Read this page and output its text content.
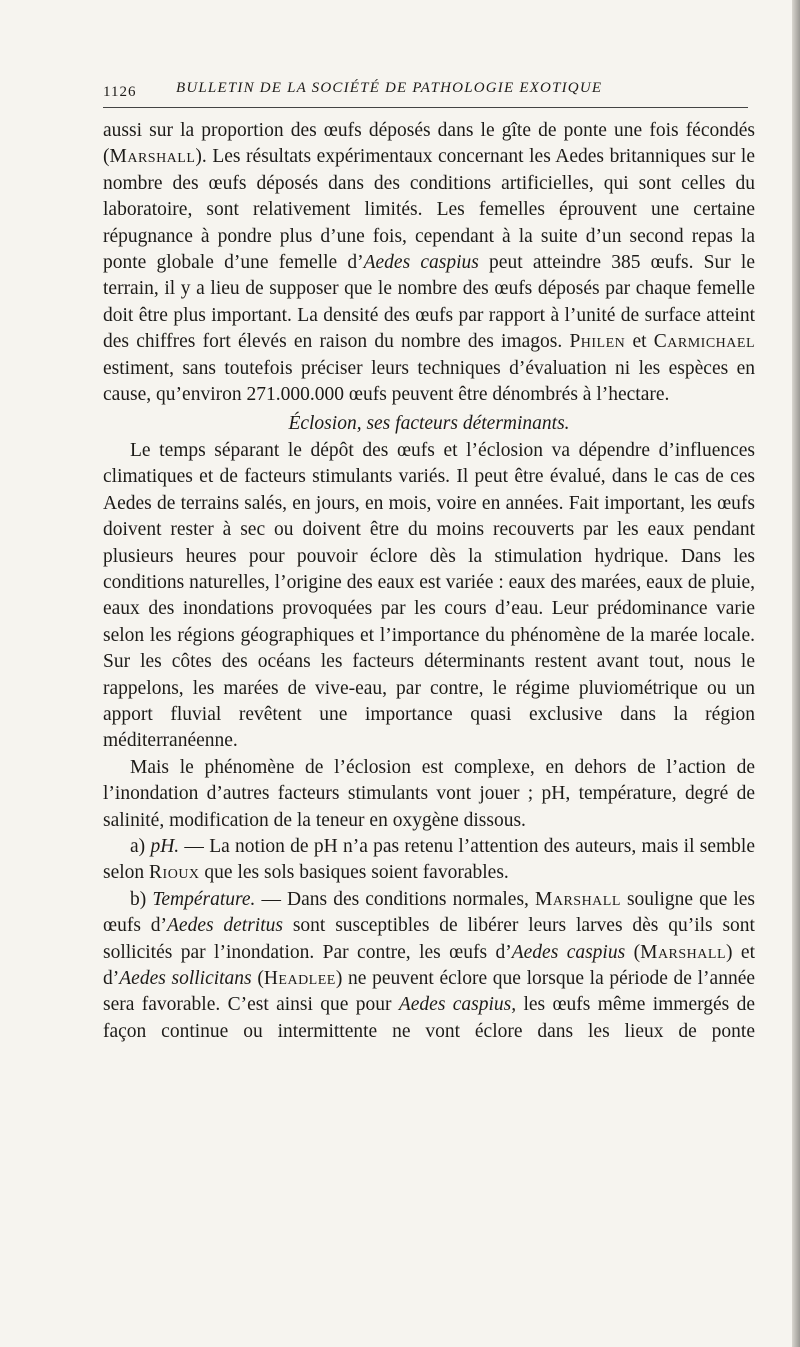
1126	BULLETIN DE LA SOCIÉTÉ DE PATHOLOGIE EXOTIQUE

aussi sur la proportion des œufs déposés dans le gîte de ponte une fois fécondés (Marshall). Les résultats expérimentaux concernant les Aedes britanniques sur le nombre des œufs déposés dans des conditions artificielles, qui sont celles du laboratoire, sont relativement limités. Les femelles éprouvent une certaine répugnance à pondre plus d’une fois, cependant à la suite d’un second repas la ponte globale d’une femelle d’Aedes caspius peut atteindre 385 œufs. Sur le terrain, il y a lieu de supposer que le nombre des œufs déposés par chaque femelle doit être plus important. La densité des œufs par rapport à l’unité de surface atteint des chiffres fort élevés en raison du nombre des imagos. Philen et Carmichael estiment, sans toutefois préciser leurs techniques d’évaluation ni les espèces en cause, qu’environ 271.000.000 œufs peuvent être dénombrés à l’hectare.

Éclosion, ses facteurs déterminants.

Le temps séparant le dépôt des œufs et l’éclosion va dépendre d’influences climatiques et de facteurs stimulants variés. Il peut être évalué, dans le cas de ces Aedes de terrains salés, en jours, en mois, voire en années. Fait important, les œufs doivent rester à sec ou doivent être du moins recouverts par les eaux pendant plusieurs heures pour pouvoir éclore dès la stimulation hydrique. Dans les conditions naturelles, l’origine des eaux est variée : eaux des marées, eaux de pluie, eaux des inondations provoquées par les cours d’eau. Leur prédominance varie selon les régions géographiques et l’importance du phénomène de la marée locale. Sur les côtes des océans les facteurs déterminants restent avant tout, nous le rappelons, les marées de vive-eau, par contre, le régime pluviométrique ou un apport fluvial revêtent une importance quasi exclusive dans la région méditerranéenne.

Mais le phénomène de l’éclosion est complexe, en dehors de l’action de l’inondation d’autres facteurs stimulants vont jouer ; pH, température, degré de salinité, modification de la teneur en oxygène dissous.

a) pH. — La notion de pH n’a pas retenu l’attention des auteurs, mais il semble selon Rioux que les sols basiques soient favorables.

b) Température. — Dans des conditions normales, Marshall souligne que les œufs d’Aedes detritus sont susceptibles de libérer leurs larves dès qu’ils sont sollicités par l’inondation. Par contre, les œufs d’Aedes caspius (Marshall) et d’Aedes sollicitans (Headlee) ne peuvent éclore que lorsque la période de l’année sera favorable. C’est ainsi que pour Aedes caspius, les œufs même immergés de façon continue ou intermittente ne vont éclore dans les lieux de ponte
